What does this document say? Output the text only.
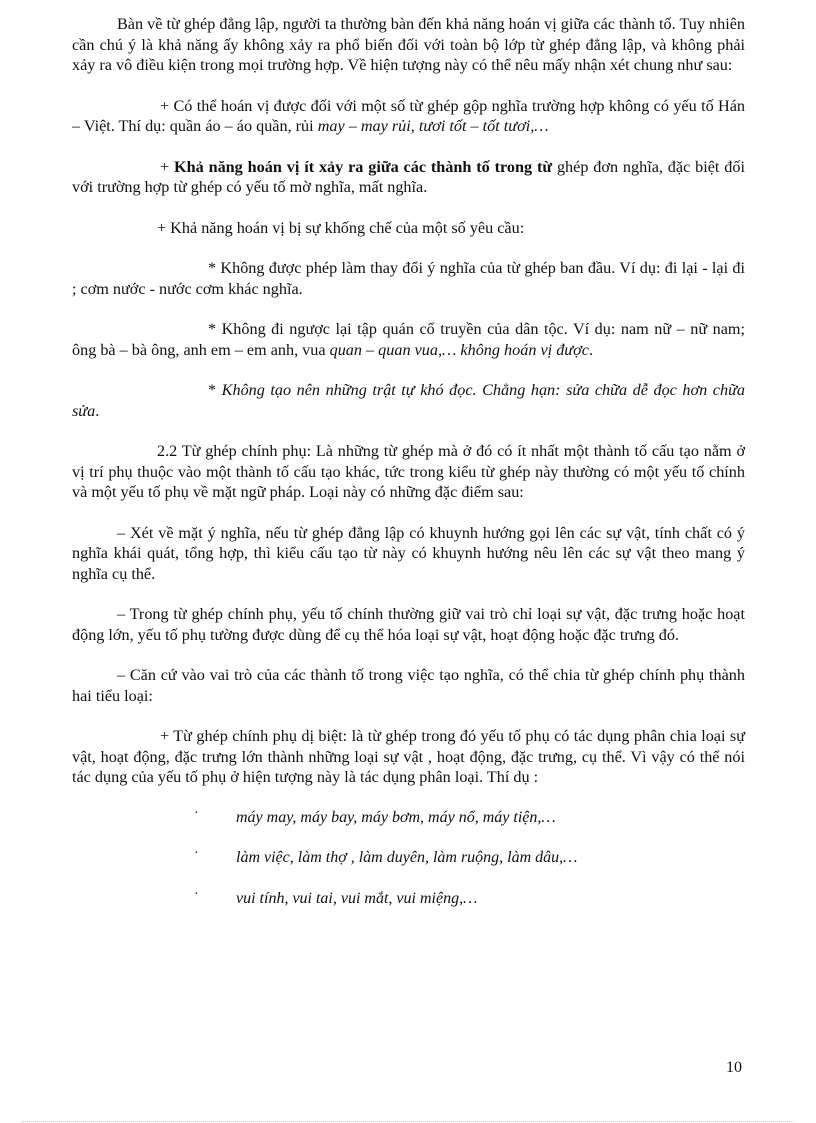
Bàn về từ ghép đẳng lập, người ta thường bàn đến khả năng hoán vị giữa các thành tố. Tuy nhiên cần chú ý là khả năng ấy không xảy ra phổ biến đối với toàn bộ lớp từ ghép đẳng lập, và không phải xảy ra vô điều kiện trong mọi trường hợp. Về hiện tượng này có thể nêu mấy nhận xét chung như sau:

+ Có thể hoán vị được đối với một số từ ghép gộp nghĩa trường hợp không có yếu tố Hán – Việt. Thí dụ: quần áo – áo quần, rủi may – may rủi, tươi tốt – tốt tươi,…

+ Khả năng hoán vị ít xảy ra giữa các thành tố trong từ ghép đơn nghĩa, đặc biệt đối với trường hợp từ ghép có yếu tố mờ nghĩa, mất nghĩa.

+ Khả năng hoán vị bị sự khống chế của một số yêu cầu:

* Không được phép làm thay đổi ý nghĩa của từ ghép ban đầu. Ví dụ: đi lại - lại đi ; cơm nước - nước cơm khác nghĩa.

* Không đi ngược lại tập quán cổ truyền của dân tộc. Ví dụ: nam nữ – nữ nam; ông bà – bà ông, anh em – em anh, vua quan – quan vua,… không hoán vị được.

* Không tạo nên những trật tự khó đọc. Chẳng hạn: sửa chữa dễ đọc hơn chữa sửa.

2.2 Từ ghép chính phụ: Là những từ ghép mà ở đó có ít nhất một thành tố cấu tạo nằm ở vị trí phụ thuộc vào một thành tố cấu tạo khác, tức trong kiểu từ ghép này thường có một yếu tố chính và một yếu tố phụ về mặt ngữ pháp. Loại này có những đặc điểm sau:

– Xét về mặt ý nghĩa, nếu từ ghép đẳng lập có khuynh hướng gọi lên các sự vật, tính chất có ý nghĩa khái quát, tổng hợp, thì kiểu cấu tạo từ này có khuynh hướng nêu lên các sự vật theo mang ý nghĩa cụ thể.

– Trong từ ghép chính phụ, yếu tố chính thường giữ vai trò chỉ loại sự vật, đặc trưng hoặc hoạt động lớn, yếu tố phụ tường được dùng để cụ thể hóa loại sự vật, hoạt động hoặc đặc trưng đó.

– Căn cứ vào vai trò của các thành tố trong việc tạo nghĩa, có thể chia từ ghép chính phụ thành hai tiểu loại:

+ Từ ghép chính phụ dị biệt: là từ ghép trong đó yếu tố phụ có tác dụng phân chia loại sự vật, hoạt động, đặc trưng lớn thành những loại sự vật , hoạt động, đặc trưng, cụ thể. Vì vậy có thể nói tác dụng của yếu tố phụ ở hiện tượng này là tác dụng phân loại. Thí dụ :

· máy may, máy bay, máy bơm, máy nổ, máy tiện,…

· làm việc, làm thợ , làm duyên, làm ruộng, làm dâu,…

· vui tính, vui tai, vui mắt, vui miệng,…

10
